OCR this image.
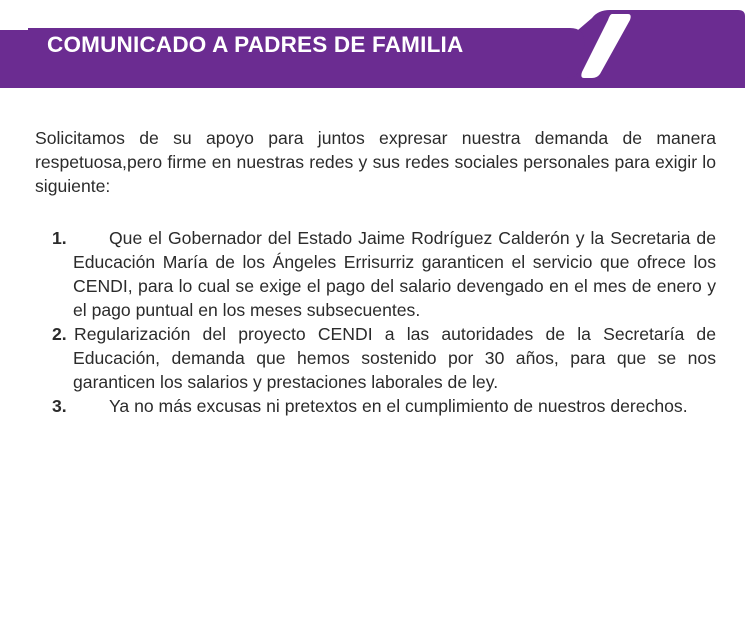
COMUNICADO A PADRES DE FAMILIA
Solicitamos de su apoyo para juntos expresar nuestra demanda de manera respetuosa,pero firme en nuestras redes y sus redes sociales personales para exigir lo siguiente:
1. Que el Gobernador del Estado Jaime Rodríguez Calderón y la Secretaria de Educación María de los Ángeles Errisurriz garanticen el servicio que ofrece los CENDI, para lo cual se exige el pago del salario devengado en el mes de enero y el pago puntual en los meses subsecuentes.
2. Regularización del proyecto CENDI a las autoridades de la Secretaría de Educación, demanda que hemos sostenido por 30 años, para que se nos garanticen los salarios y prestaciones laborales de ley.
3. Ya no más excusas ni pretextos en el cumplimiento de nuestros derechos.
